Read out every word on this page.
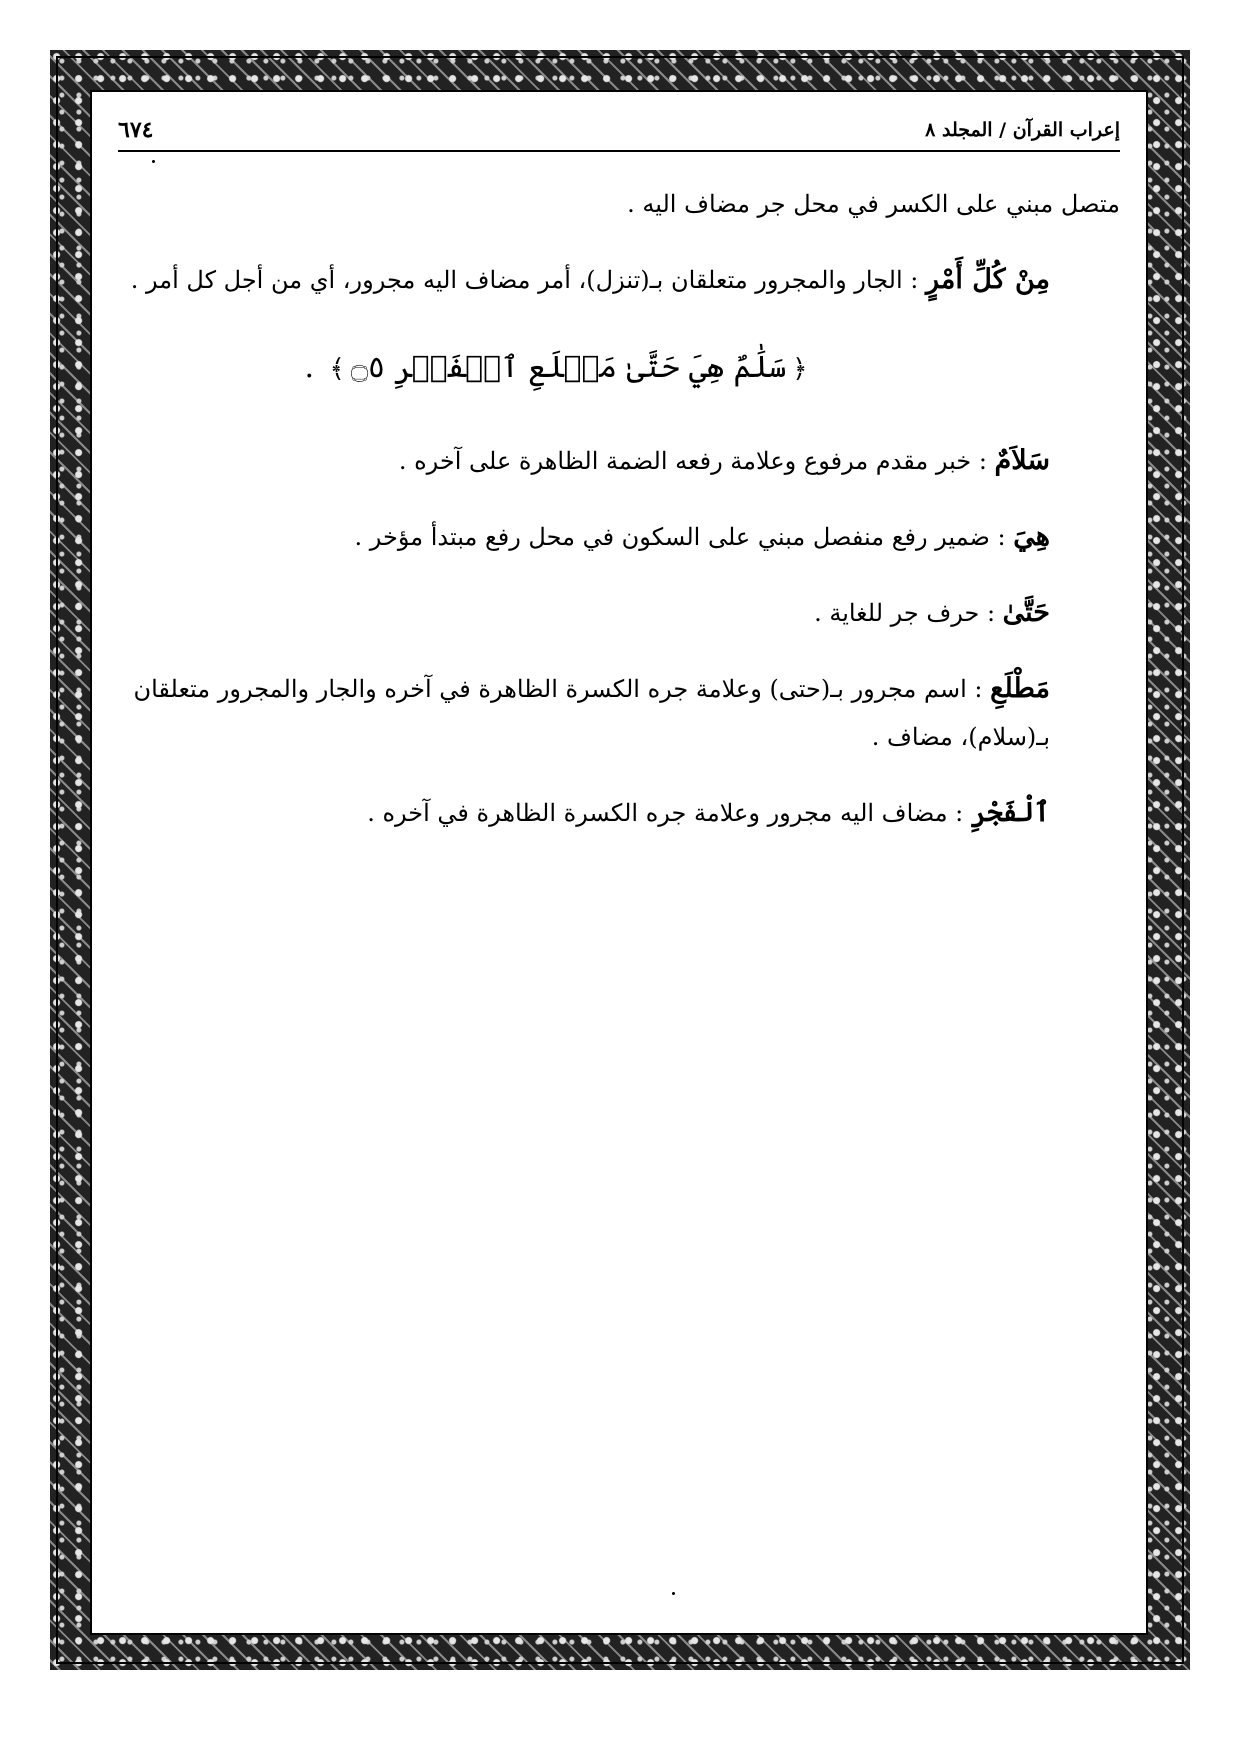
٦٧٤	إعراب القرآن / المجلد ٨

متصل مبني على الكسر في محل جر مضاف اليه .

مِنْ كُلِّ أَمْرٍ : الجار والمجرور متعلقان بـ(تنزل)، أمر مضاف اليه مجرور، أي من أجل كل أمر .

﴿سَلَٰمٌ هِيَ حَتَّىٰ مَطۡلَعِ ٱلۡفَجۡرِ ۝٥﴾ .

سَلاَمٌ : خبر مقدم مرفوع وعلامة رفعه الضمة الظاهرة على آخره .

هِيَ : ضمير رفع منفصل مبني على السكون في محل رفع مبتدأ مؤخر .

حَتَّىٰ : حرف جر للغاية .

مَطْلَعِ : اسم مجرور بـ(حتى) وعلامة جره الكسرة الظاهرة في آخره والجار والمجرور متعلقان بـ(سلام)، مضاف .

ٱلْفَجْرِ : مضاف اليه مجرور وعلامة جره الكسرة الظاهرة في آخره .
